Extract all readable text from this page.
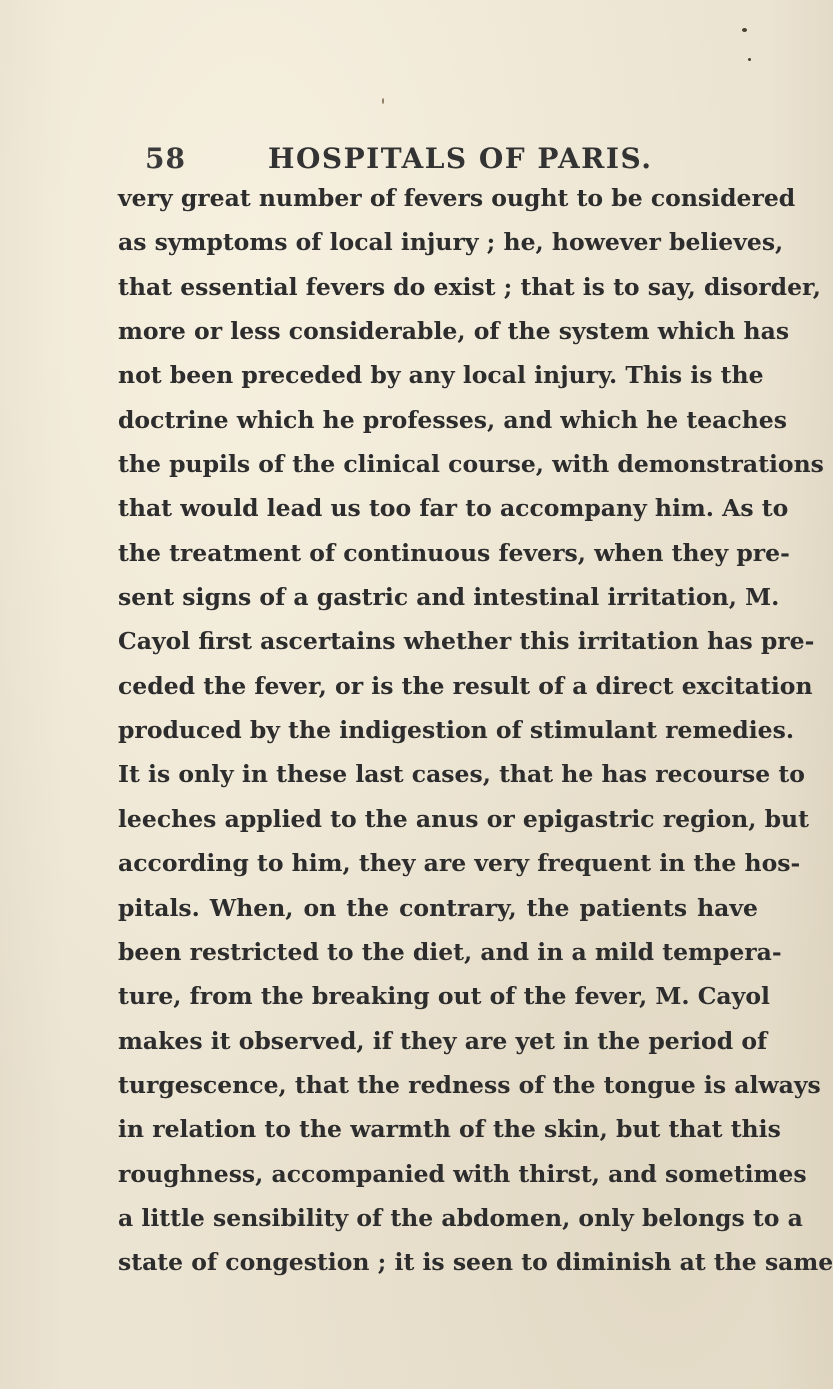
58	HOSPITALS OF PARIS.
very great number of fevers ought to be considered
as symptoms of local injury ; he, however believes,
that essential fevers do exist ; that is to say, disorder,
more or less considerable, of the system which has
not been preceded by any local injury. This is the
doctrine which he professes, and which he teaches
the pupils of the clinical course, with demonstrations
that would lead us too far to accompany him. As to
the treatment of continuous fevers, when they pre-
sent signs of a gastric and intestinal irritation, M.
Cayol first ascertains whether this irritation has pre-
ceded the fever, or is the result of a direct excitation
produced by the indigestion of stimulant remedies.
It is only in these last cases, that he has recourse to
leeches applied to the anus or epigastric region, but
according to him, they are very frequent in the hos-
pitals. When, on the contrary, the patients have
been restricted to the diet, and in a mild tempera-
ture, from the breaking out of the fever, M. Cayol
makes it observed, if they are yet in the period of
turgescence, that the redness of the tongue is always
in relation to the warmth of the skin, but that this
roughness, accompanied with thirst, and sometimes
a little sensibility of the abdomen, only belongs to a
state of congestion ; it is seen to diminish at the same
